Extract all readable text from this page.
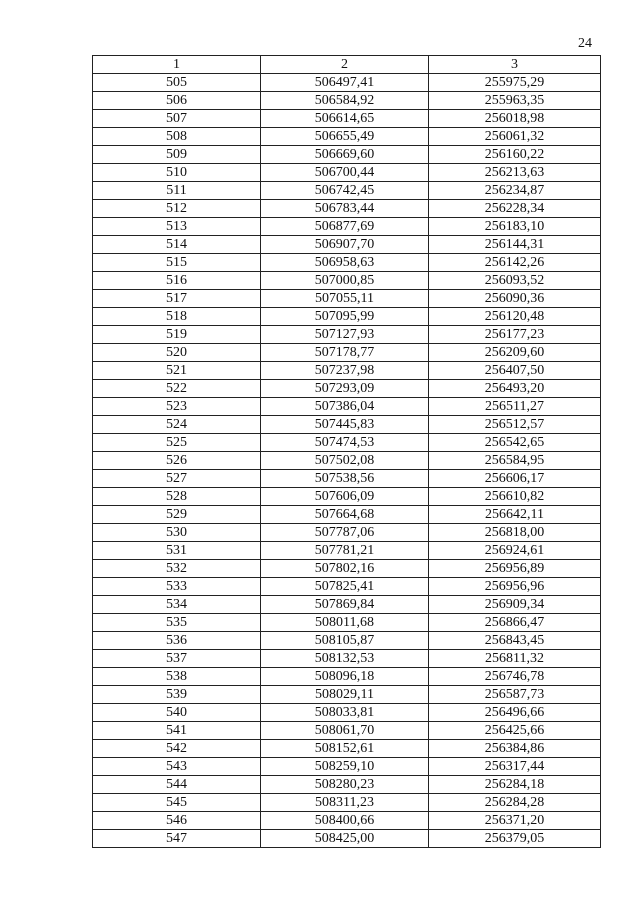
24
1	2	3
505	506497,41	255975,29
506	506584,92	255963,35
507	506614,65	256018,98
508	506655,49	256061,32
509	506669,60	256160,22
510	506700,44	256213,63
511	506742,45	256234,87
512	506783,44	256228,34
513	506877,69	256183,10
514	506907,70	256144,31
515	506958,63	256142,26
516	507000,85	256093,52
517	507055,11	256090,36
518	507095,99	256120,48
519	507127,93	256177,23
520	507178,77	256209,60
521	507237,98	256407,50
522	507293,09	256493,20
523	507386,04	256511,27
524	507445,83	256512,57
525	507474,53	256542,65
526	507502,08	256584,95
527	507538,56	256606,17
528	507606,09	256610,82
529	507664,68	256642,11
530	507787,06	256818,00
531	507781,21	256924,61
532	507802,16	256956,89
533	507825,41	256956,96
534	507869,84	256909,34
535	508011,68	256866,47
536	508105,87	256843,45
537	508132,53	256811,32
538	508096,18	256746,78
539	508029,11	256587,73
540	508033,81	256496,66
541	508061,70	256425,66
542	508152,61	256384,86
543	508259,10	256317,44
544	508280,23	256284,18
545	508311,23	256284,28
546	508400,66	256371,20
547	508425,00	256379,05
